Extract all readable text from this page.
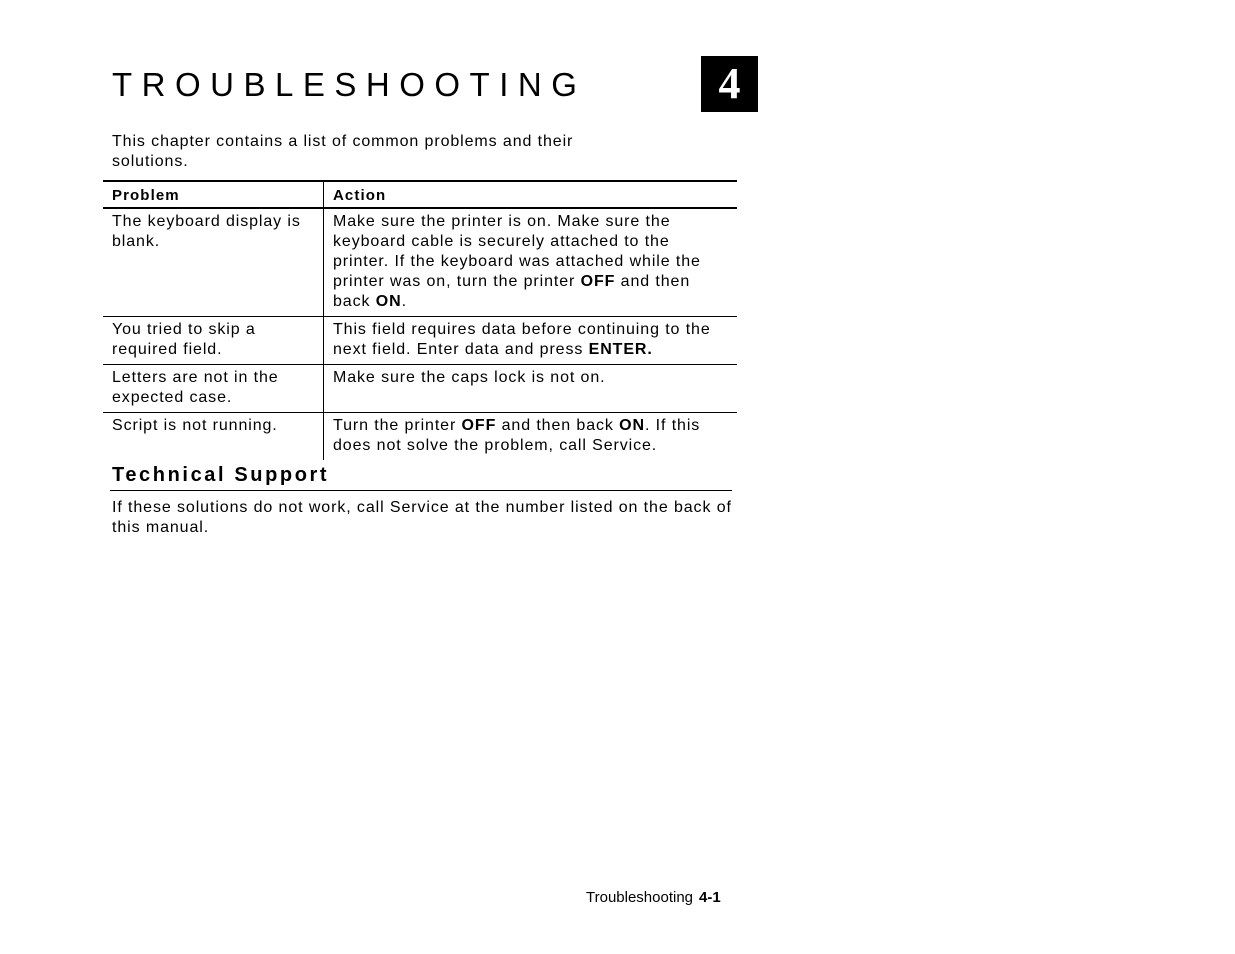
TROUBLESHOOTING	4

This chapter contains a list of common problems and their solutions.

Problem	Action
The keyboard display is blank.	Make sure the printer is on. Make sure the keyboard cable is securely attached to the printer. If the keyboard was attached while the printer was on, turn the printer OFF and then back ON.
You tried to skip a required field.	This field requires data before continuing to the next field. Enter data and press ENTER.
Letters are not in the expected case.	Make sure the caps lock is not on.
Script is not running.	Turn the printer OFF and then back ON. If this does not solve the problem, call Service.
Technical Support

If these solutions do not work, call Service at the number listed on the back of this manual.

Troubleshooting 4-1
